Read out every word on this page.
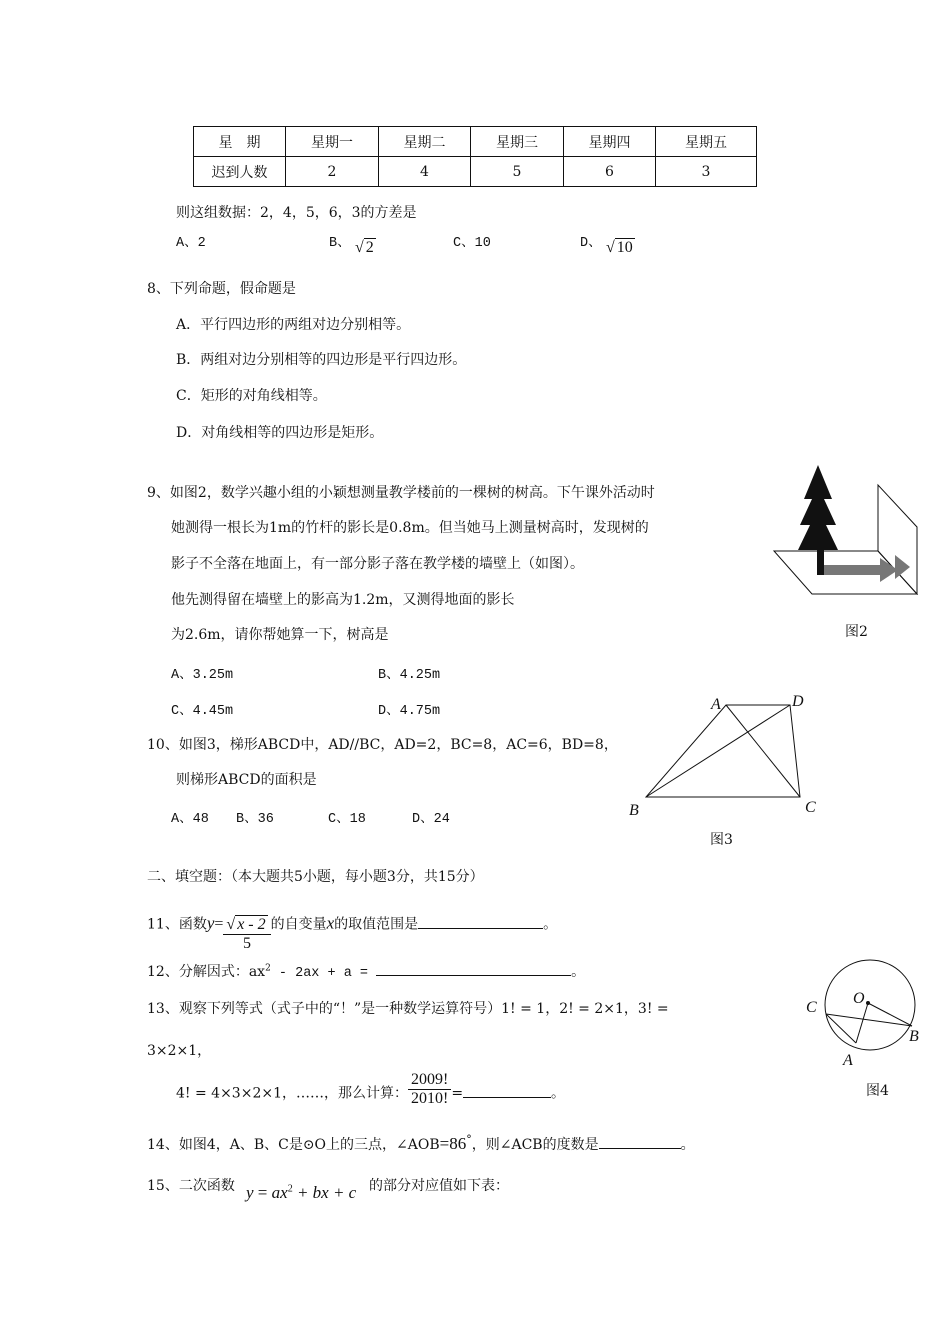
星　期	星期一	星期二	星期三	星期四	星期五
迟到人数	2	4	5	6	3
则这组数据：2，4，5，6，3的方差是
A、2	B、 √ 2	C、10	D、 √ 10
8、下列命题，假命题是
A．平行四边形的两组对边分别相等。
B．两组对边分别相等的四边形是平行四边形。
C．矩形的对角线相等。
D．对角线相等的四边形是矩形。
9、如图2，数学兴趣小组的小颖想测量教学楼前的一棵树的树高。下午课外活动时
她测得一根长为1m的竹杆的影长是0.8m。但当她马上测量树高时，发现树的
影子不全落在地面上，有一部分影子落在教学楼的墙壁上（如图）。
他先测得留在墙壁上的影高为1.2m，又测得地面的影长
为2.6m，请你帮她算一下，树高是
A、3.25m	B、4.25m
C、4.45m	D、4.75m
图2
10、如图3，梯形ABCD中，AD//BC，AD=2，BC=8，AC=6，BD=8，
则梯形ABCD的面积是
A、48 B、36	C、18	D、24
A	D
B	C
图3
二、填空题：（本大题共5小题，每小题3分，共15分）
11、函数$y= \frac{√ x - 2}{5}$ 的自变量x的取值范围是	。
12、分解因式：$ax^2 - 2ax + a$ =	。
13、观察下列等式（式子中的“！”是一种数学运算符号）1! = 1，2! = 2×1，3! =
3×2×1，
4! = 4×3×2×1，……，那么计算： $\frac{2009!}{2010!}$ =	。
O
C
A
B
图4
14、如图4，A、B、C是⊙O上的三点，∠AOB=86°，则∠ACB的度数是	。
15、二次函数 $y = ax^2$ + bx + c 的部分对应值如下表：
